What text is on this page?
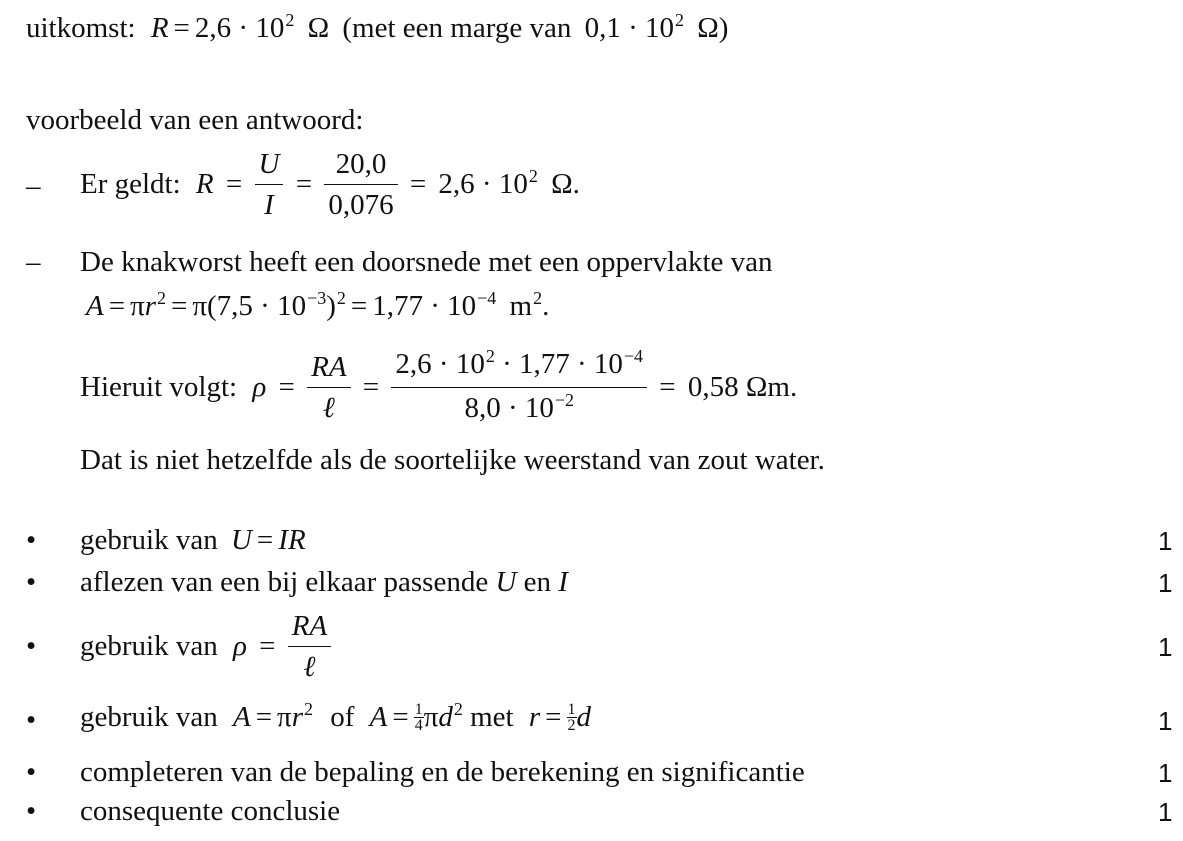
uitkomst: $R = 2,6 \cdot 10^2$ Ω (met een marge van $0,1 \cdot 10^2$ Ω)
voorbeeld van een antwoord:
– Er geldt: $R = \frac{U}{I} = \frac{20,0}{0,076} = 2,6 \cdot 10^2$ Ω.
– De knakworst heeft een doorsnede met een oppervlakte van
$A = \pi r^2 = \pi(7,5 \cdot 10^{-3})^2 = 1,77 \cdot 10^{-4}$ $m^2$.
Hieruit volgt: $\rho = \frac{RA}{\text{ℓ}} = \frac{2,6 \cdot 10^2 \cdot 1,77 \cdot 10^{-4}}{8,0 \cdot 10^{-2}} = 0,58$ Ωm.
Dat is niet hetzelfde als de soortelijke weerstand van zout water.
• gebruik van U = IR	1
• aflezen van een bij elkaar passende U en I	1
• gebruik van $\rho = \frac{RA}{\text{ℓ}}$	1
• gebruik van $A = \pi r^2$ of $A = \frac{1}{4} \pi d^2$ met $r = \frac{1}{2}$ d	1
• completeren van de bepaling en de berekening en significantie	1
• consequente conclusie	1
